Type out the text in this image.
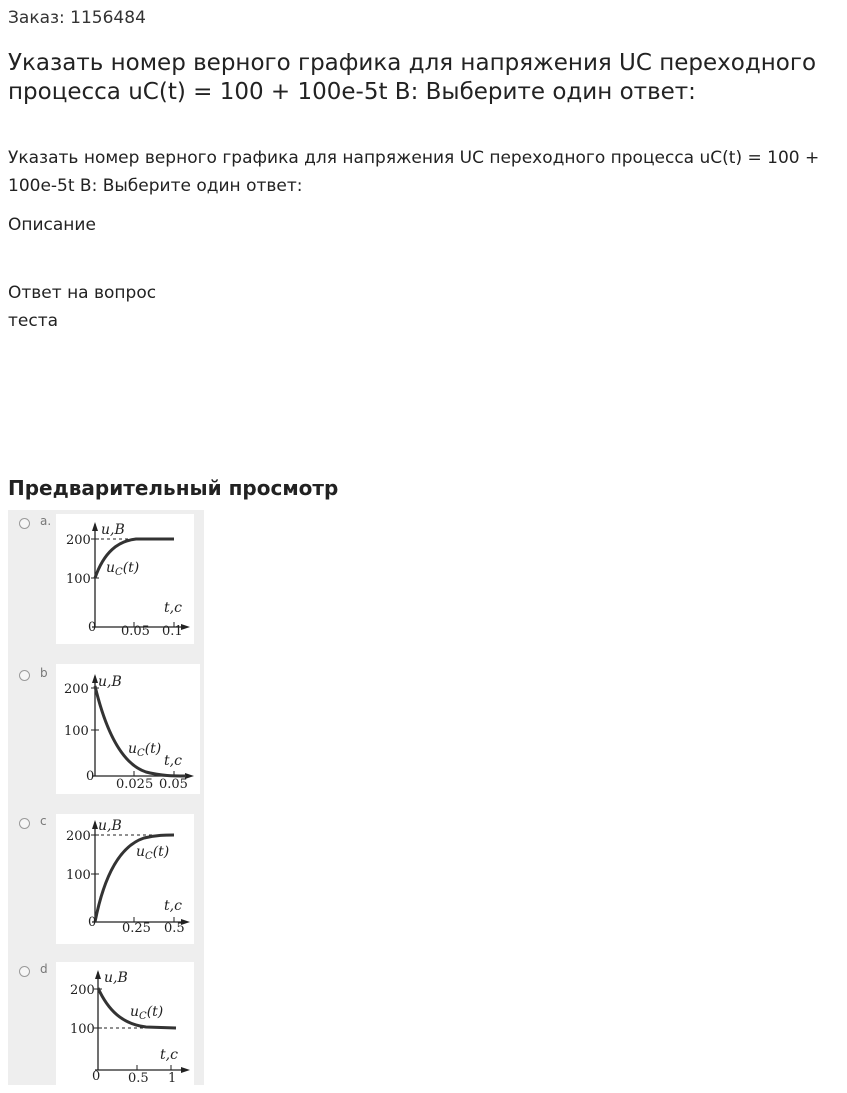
Заказ: 1156484
Указать номер верного графика для напряжения UC переходного процесса uC(t) = 100 + 100e-5t В: Выберите один ответ:
Указать номер верного графика для напряжения UC переходного процесса uC(t) = 100 + 100e-5t В: Выберите один ответ:
Описание
Ответ на вопрос теста
Предварительный просмотр
a.
200
100
0 0.05 0.1
u,В
t,c
$u_C(t)$
b
200
100
0
0.025 0.05
u,В
t,c
$u_C(t)$
c
200
100
0 0.25 0.5
u,В
t,c
$u_C(t)$
d
200
100
0 0.5 1
u,В
t,c
$u_C(t)$
